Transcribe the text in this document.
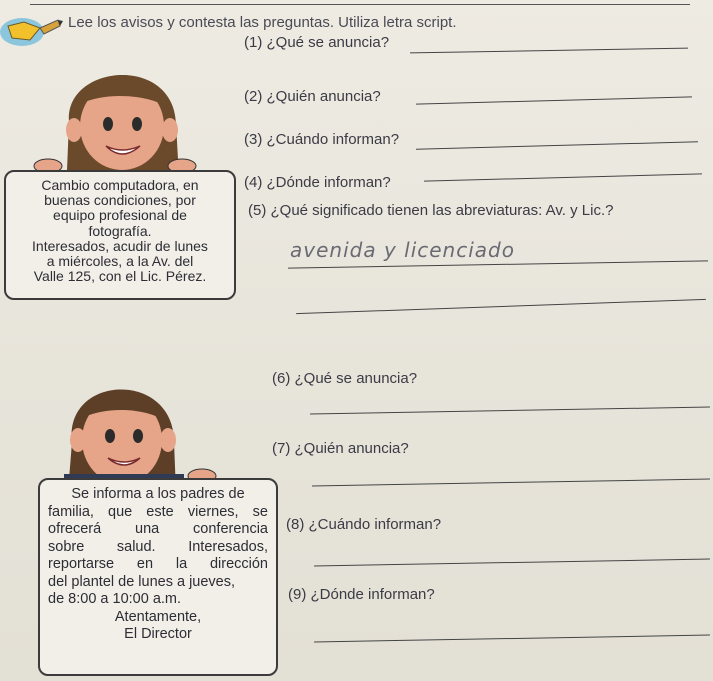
Lee los avisos y contesta las preguntas. Utiliza letra script.
Cambio computadora, en
buenas condiciones, por
equipo profesional de
fotografía.
Interesados, acudir de lunes
a miércoles, a la Av. del
Valle 125, con el Lic. Pérez.
(1) ¿Qué se anuncia?
(2) ¿Quién anuncia?
(3) ¿Cuándo informan?
(4) ¿Dónde informan?
(5) ¿Qué significado tienen las abreviaturas: Av. y Lic.?
avenida y licenciado
Se informa a los padres de
familia, que este viernes, se
ofrecerá una conferencia
sobre salud. Interesados,
reportarse en la dirección
del plantel de lunes a jueves,
de 8:00 a 10:00 a.m.
Atentamente,
El Director
(6) ¿Qué se anuncia?
(7) ¿Quién anuncia?
(8) ¿Cuándo informan?
(9) ¿Dónde informan?
